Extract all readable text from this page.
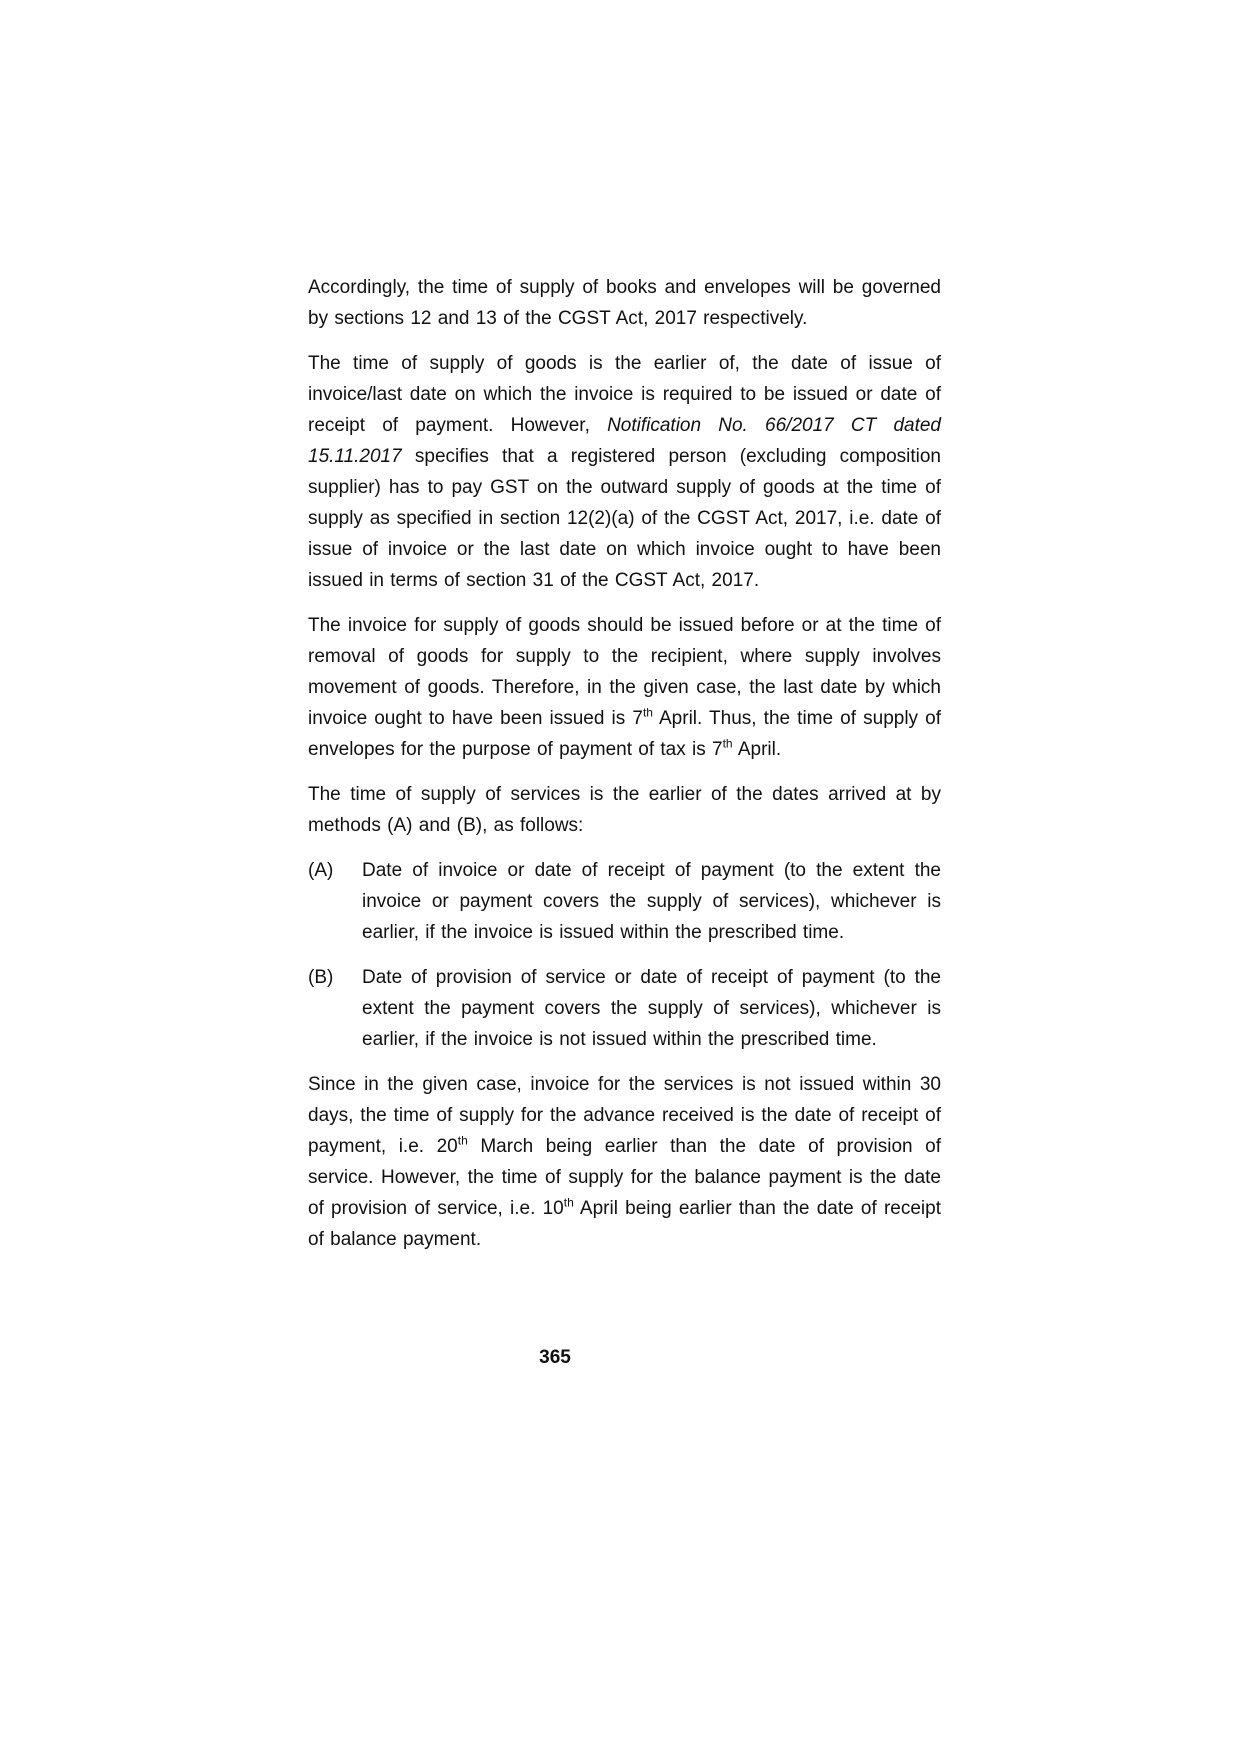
Accordingly, the time of supply of books and envelopes will be governed by sections 12 and 13 of the CGST Act, 2017 respectively.

The time of supply of goods is the earlier of, the date of issue of invoice/last date on which the invoice is required to be issued or date of receipt of payment. However, Notification No. 66/2017 CT dated 15.11.2017 specifies that a registered person (excluding composition supplier) has to pay GST on the outward supply of goods at the time of supply as specified in section 12(2)(a) of the CGST Act, 2017, i.e. date of issue of invoice or the last date on which invoice ought to have been issued in terms of section 31 of the CGST Act, 2017.

The invoice for supply of goods should be issued before or at the time of removal of goods for supply to the recipient, where supply involves movement of goods. Therefore, in the given case, the last date by which invoice ought to have been issued is 7th April. Thus, the time of supply of envelopes for the purpose of payment of tax is 7th April.

The time of supply of services is the earlier of the dates arrived at by methods (A) and (B), as follows:

(A)	Date of invoice or date of receipt of payment (to the extent the invoice or payment covers the supply of services), whichever is earlier, if the invoice is issued within the prescribed time.
(B)	Date of provision of service or date of receipt of payment (to the extent the payment covers the supply of services), whichever is earlier, if the invoice is not issued within the prescribed time.

Since in the given case, invoice for the services is not issued within 30 days, the time of supply for the advance received is the date of receipt of payment, i.e. 20th March being earlier than the date of provision of service. However, the time of supply for the balance payment is the date of provision of service, i.e. 10th April being earlier than the date of receipt of balance payment.

365
